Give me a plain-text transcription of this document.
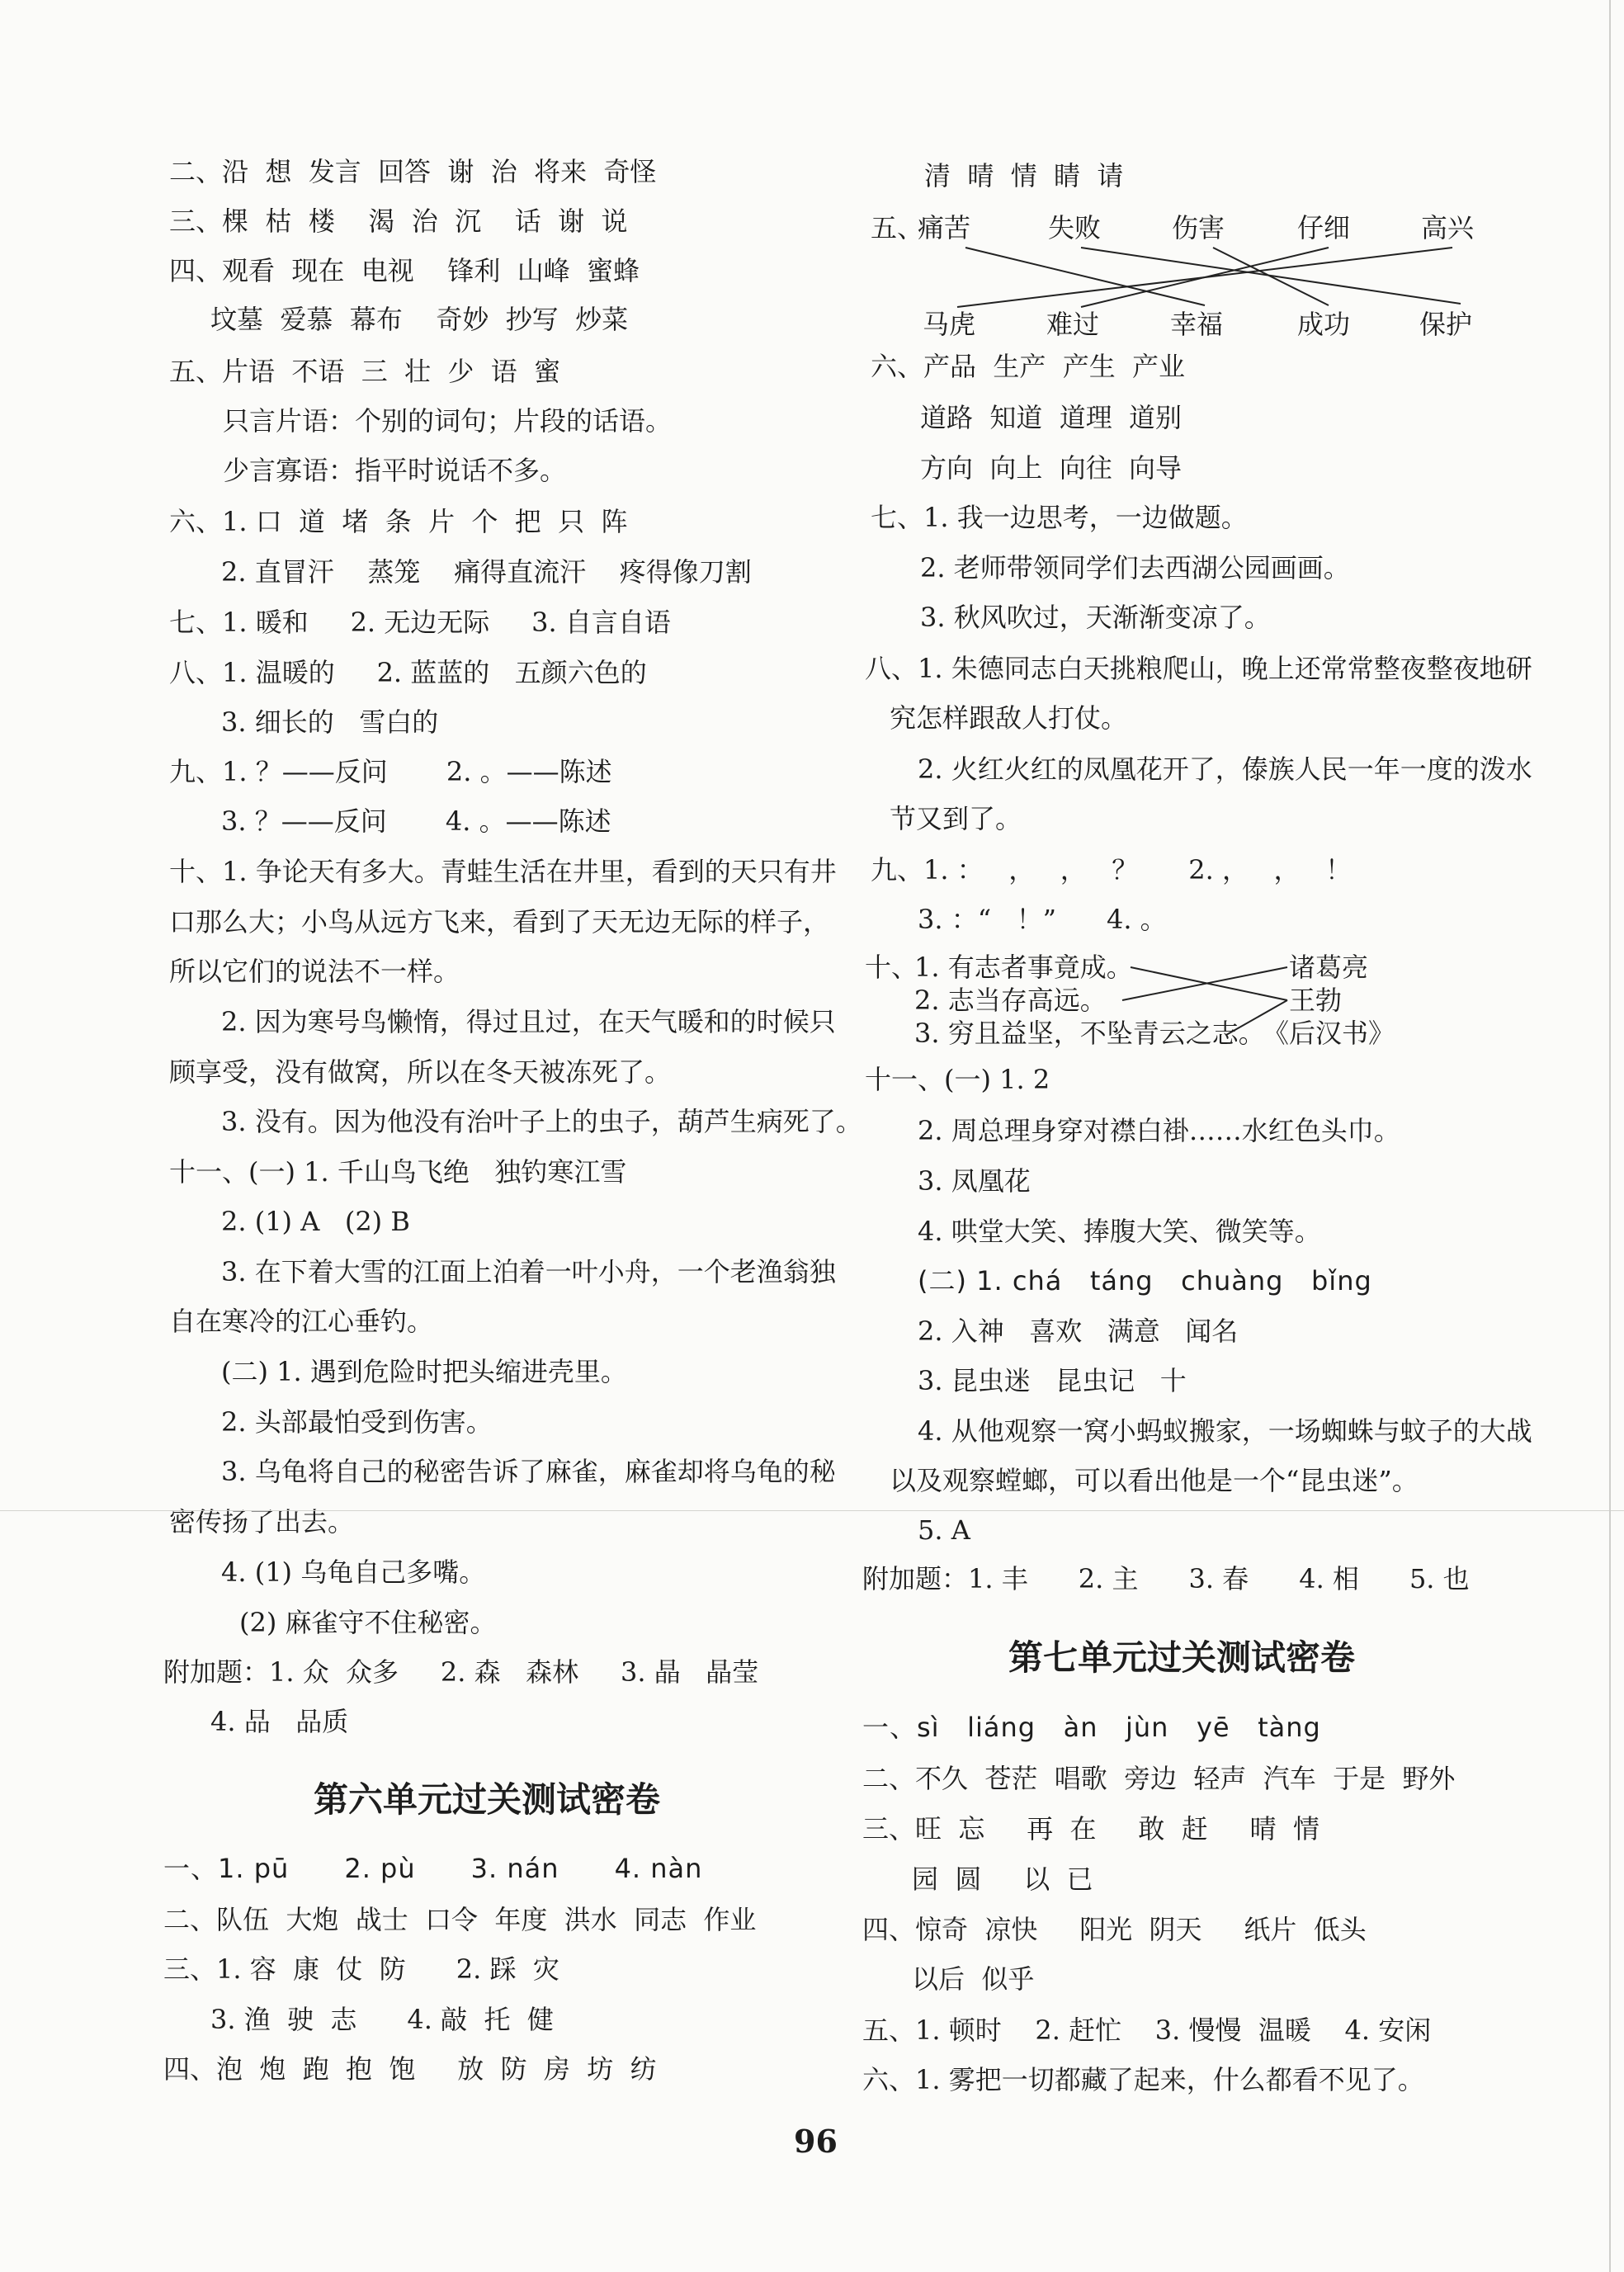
二、沿  想  发言  回答  谢  治  将来  奇怪
三、棵  枯  楼    渴  治  沉    话  谢  说
四、观看  现在  电视    锋利  山峰  蜜蜂
坟墓  爱慕  幕布    奇妙  抄写  炒菜
五、片语  不语  三  壮  少  语  蜜
只言片语：个别的词句；片段的话语。
少言寡语：指平时说话不多。
六、1. 口  道  堵  条  片  个  把  只  阵
2. 直冒汗    蒸笼    痛得直流汗    疼得像刀割
七、1. 暖和     2. 无边无际     3. 自言自语
八、1. 温暖的     2. 蓝蓝的   五颜六色的
3. 细长的   雪白的
九、1. ？——反问       2. 。——陈述
3. ？——反问       4. 。——陈述
十、1. 争论天有多大。青蛙生活在井里，看到的天只有井
口那么大；小鸟从远方飞来，看到了天无边无际的样子，
所以它们的说法不一样。
2. 因为寒号鸟懒惰，得过且过，在天气暖和的时候只
顾享受，没有做窝，所以在冬天被冻死了。
3. 没有。因为他没有治叶子上的虫子，葫芦生病死了。
十一、(一) 1. 千山鸟飞绝   独钓寒江雪
2. (1) A   (2) B
3. 在下着大雪的江面上泊着一叶小舟，一个老渔翁独
自在寒冷的江心垂钓。
(二) 1. 遇到危险时把头缩进壳里。
2. 头部最怕受到伤害。
3. 乌龟将自己的秘密告诉了麻雀，麻雀却将乌龟的秘
密传扬了出去。
4. (1) 乌龟自己多嘴。
(2) 麻雀守不住秘密。
附加题：1. 众  众多     2. 森   森林     3. 晶   晶莹
4. 品   品质
第六单元过关测试密卷
一、1. pū      2. pù      3. nán      4. nàn
二、队伍  大炮  战士  口令  年度  洪水  同志  作业
三、1. 容  康  仗  防      2. 踩  灾
3. 渔  驶  志      4. 敲  托  健
四、泡  炮  跑  抱  饱     放  防  房  坊  纺
清  晴  情  睛  请
五、
痛苦	失败	伤害	仔细	高兴
马虎	难过	幸福	成功	保护
六、产品  生产  产生  产业
道路  知道  道理  道别
方向  向上  向往  向导
七、1. 我一边思考，一边做题。
2. 老师带领同学们去西湖公园画画。
3. 秋风吹过，天渐渐变凉了。
八、1. 朱德同志白天挑粮爬山，晚上还常常整夜整夜地研
究怎样跟敌人打仗。
2. 火红火红的凤凰花开了，傣族人民一年一度的泼水
节又到了。
九、1. ：   ，   ，   ？      2. ，   ，   ！
3. ：“   ！”      4. 。
十、
1. 有志者事竟成。
2. 志当存高远。
3. 穷且益坚，不坠青云之志。
诸葛亮
王勃
《后汉书》
十一、(一) 1. 2
2. 周总理身穿对襟白褂……水红色头巾。
3. 凤凰花
4. 哄堂大笑、捧腹大笑、微笑等。
(二) 1. chá   táng   chuàng   bǐng
2. 入神   喜欢   满意   闻名
3. 昆虫迷   昆虫记   十
4. 从他观察一窝小蚂蚁搬家，一场蜘蛛与蚊子的大战
以及观察螳螂，可以看出他是一个“昆虫迷”。
5. A
附加题：1. 丰      2. 主      3. 春      4. 相      5. 也
第七单元过关测试密卷
一、sì   liáng   àn   jùn   yē   tàng
二、不久  苍茫  唱歌  旁边  轻声  汽车  于是  野外
三、旺  忘     再  在     敢  赶     晴  情
园  圆     以  已
四、惊奇  凉快     阳光  阴天     纸片  低头
以后  似乎
五、1. 顿时    2. 赶忙    3. 慢慢  温暖    4. 安闲
六、1. 雾把一切都藏了起来，什么都看不见了。
96
